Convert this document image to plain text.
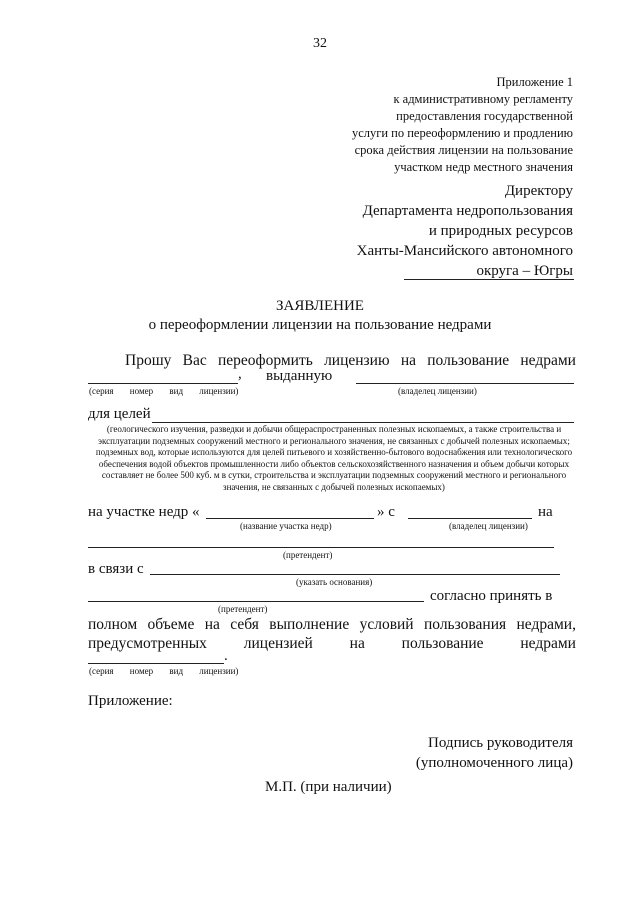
32
Приложение 1
к административному регламенту
предоставления государственной
услуги по переоформлению и продлению
срока действия лицензии на пользование
участком недр местного значения
Директору
Департамента недропользования
и природных ресурсов
Ханты-Мансийского автономного
округа – Югры
ЗАЯВЛЕНИЕ
о переоформлении лицензии на пользование недрами
Прошу Вас переоформить лицензию на пользование недрами
, выданную
(серия номер вид лицензии)	(владелец лицензии)
для целей
(геологического изучения, разведки и добычи общераспространенных полезных ископаемых, а также строительства и эксплуатации подземных сооружений местного и регионального значения, не связанных с добычей полезных ископаемых; подземных вод, которые используются для целей питьевого и хозяйственно-бытового водоснабжения или технологического обеспечения водой объектов промышленности либо объектов сельскохозяйственного назначения и объем добычи которых составляет не более 500 куб. м в сутки, строительства и эксплуатации подземных сооружений местного и регионального значения, не связанных с добычей полезных ископаемых)
на участке недр «	» с	на
(название участка недр)	(владелец лицензии)
(претендент)
в связи с
(указать основания)
согласно принять в
(претендент)
полном объеме на себя выполнение условий пользования недрами,
предусмотренных лицензией на пользование недрами
.
(серия номер вид лицензии)
Приложение:
Подпись руководителя
(уполномоченного лица)
М.П. (при наличии)
